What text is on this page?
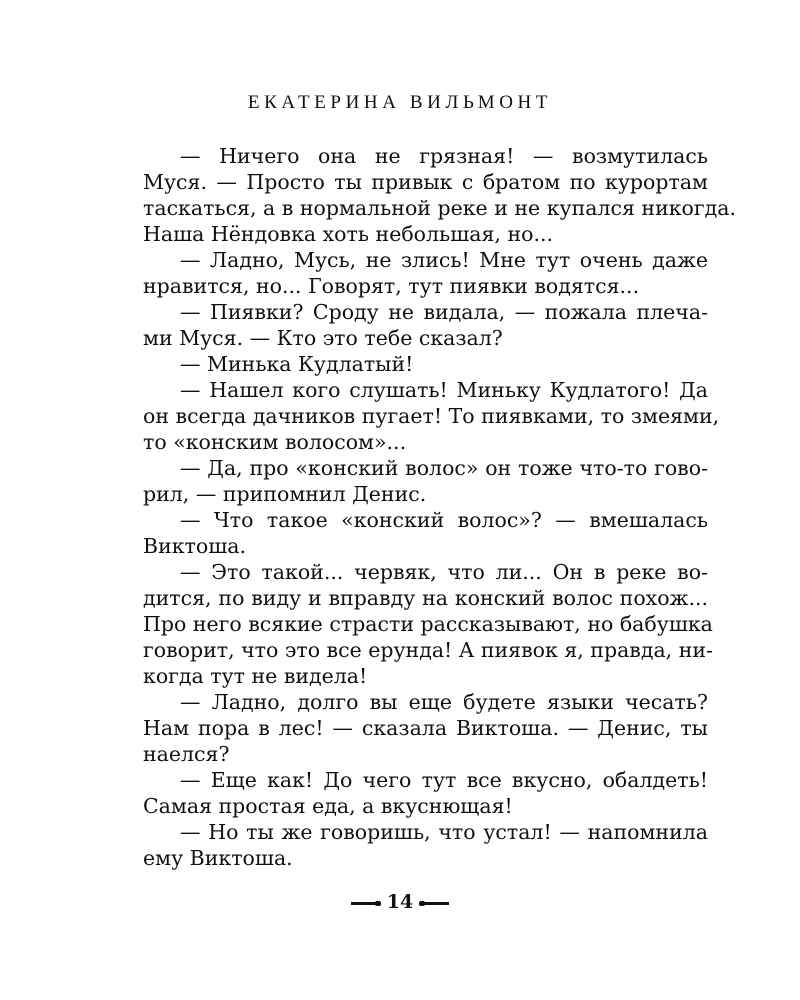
ЕКАТЕРИНА ВИЛЬМОНТ
— Ничего она не грязная! — возмутилась
Муся. — Просто ты привык с братом по курортам
таскаться, а в нормальной реке и не купался никогда.
Наша Нёндовка хоть небольшая, но...
— Ладно, Мусь, не злись! Мне тут очень даже
нравится, но... Говорят, тут пиявки водятся...
— Пиявки? Сроду не видала, — пожала плеча-
ми Муся. — Кто это тебе сказал?
— Минька Кудлатый!
— Нашел кого слушать! Миньку Кудлатого! Да
он всегда дачников пугает! То пиявками, то змеями,
то «конским волосом»...
— Да, про «конский волос» он тоже что-то гово-
рил, — припомнил Денис.
— Что такое «конский волос»? — вмешалась
Виктоша.
— Это такой... червяк, что ли... Он в реке во-
дится, по виду и вправду на конский волос похож...
Про него всякие страсти рассказывают, но бабушка
говорит, что это все ерунда! А пиявок я, правда, ни-
когда тут не видела!
— Ладно, долго вы еще будете языки чесать?
Нам пора в лес! — сказала Виктоша. — Денис, ты
наелся?
— Еще как! До чего тут все вкусно, обалдеть!
Самая простая еда, а вкуснющая!
— Но ты же говоришь, что устал! — напомнила
ему Виктоша.
14
